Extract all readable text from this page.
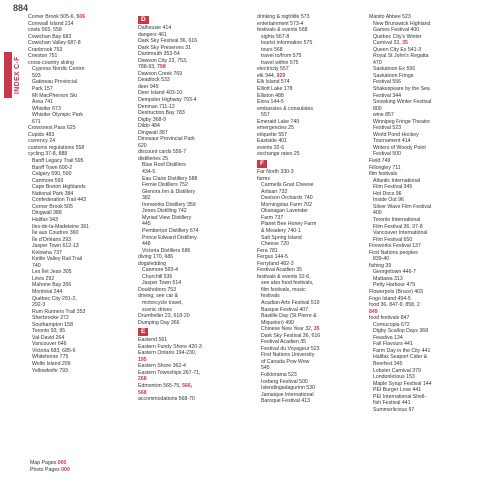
884
INDEX C-F
Corner Brook 505-6, 506
Cornwall Island 214
costs 565, 558
Cowichan Bay 683
Cowichan Valley 687-8
Cranbrook 753
Crieston 751
cross-country skiing
Cypress Nordic Centre
593
Gatineau Provincial
Park 157
Mt MacPherson Ski
Area 741
Whistler 673
Whistler Olympic Park
671
Crowsnest Pass 625
Cupids 483
currency 24
customs regulations 558
cycling 37-8, 888
Banff Legacy Trail 595
Banff Town 600-2
Calgary 590, 590
Canmore 593
Cape Breton Highlands
National Park 384
Confederation Trail 443
Corner Brook 505
Dingwall 388
Halifax 343
Iles-de-la-Madeleine 361
Île aux Coudres 360
Île d'Orléans 293
Jasper Town 612-13
Kelowna 737
Kettle Valley Rail Trail
740
Les Îlet Jean 305
Lévis 292
Mahone Bay 356
Montréal 244
Québec City 291-2,
292-3
Rum Runners Trail 353
Sherbrooke 272
Southampton 158
Toronto 93, 95
Val-David 264
Vancouver 646
Victoria 683, 685-6
Whitehorse 775
Wolfe Island 209
Yellowknife 793
D
Dalhousie 414
dangers 461
Dark Sky Festival 36, 616
Dark Sky Preserves 31
Dartmouth 353-54
Dawson City 23, 753,
788-93, 798
Dawson Creek 769
Deadlock 533
deer 945
Deer Island 403-10
Dempster Highway 793-4
Denman 711-12
Destruction Bay 783
Digby 368-9
Dildo 484
Dingwall 387
Dinosaur Provincial Park
620
discount cards 556-7
distilleries 25
Blue Roof Distillers
434-5
Eau Claire Distillery 588
Fernie Distillers 752
Glenora Inn & Distillery
382
Ironworks Distillery 359
Jones Distilling 742
Myriad View Distillery
445
Pemberton Distillery 674
Prince Edward Distillery
448
Victoria Distillers 686
diving 170, 686
dogsledding
Canmore 593-4
Churchill 536
Jasper Town 614
Doukhobors 753
driving, see car &
motorcycle travel,
scenic drives
Drumheller 23, 618-20
Dumping Day 366
E
Eastend 561
Eastern Fundy Shore 420-3
Eastern Ontario 194-230,
195
Eastern Shore 362-4
Eastern Townships 267-71,
268
Edmonton 565-75, 566,
568
accommodations 568-70
drinking & nightlife 573
entertainment 573-4
festivals & events 568
sights 567-8
tourist information 575
tours 568
travel to/from 575
travel within 575
electricity 557
elk 944, 929
Elk Island 574
Elliott Lake 178
Elliston 488
Elora 144-5
embassies & consulates
557
Emerald Lake 749
emergencies 25
etiquette 557
Eastside 401
events 32-6
exchange rates 25
F
Far North 330-3
farms
Carmelis Goat Cheese
Artisan 733
Davison Orchards 740
Morningstar Farm 702
Okanagan Lavender
Farm 737
Planet Bee Honey Farm
& Meadery 740-1
Salt Spring Island
Cheese 720
Fera 781
Fergus 144-5
Ferryland 482-3
Festival Acadien 35
festivals & events 32-6,
see also food festivals,
film festivals, music
festivals
Acadian Arts Festival 519
Basque Festival 407
Bastille Day (St Pierre &
Miquelon) 490
Chinese New Year 32, 35
Dark Sky Festival 36, 616
Festival Acadien 35
Festival du Voyageur 523
First Nations University
of Canada Pow Wow
545
Folklorama 523
Iceberg Festival 500
Islendingadagurinn 530
Jamaique International
Baroque Festival 413
Manito Ahbee 523
New Brunswick Highland
Games Festival 400
Québec City's Winter
Carnival 33, 35
Queen City Ex 541-3
Royal St John's Regatta
470
Saskatoon Ex 556
Saskatoon Fringe
Festival 556
Shakespeare by the Sea
Festival 344
Snowking Winter Festival
800
wine 857
Winnipeg Fringe Theatre
Festival 523
World Pond Hockey
Tournament 414
Writers of Woody Point
Festival 500
Field 749
Fillongley 711
film festivals
Atlantic International
Film Festival 345
Hot Docs 96
Inside Out 96
Silver Wave Film Festival
400
Toronto International
Film Festival 36, 97-8
Vancouver International
Film Festival 650
Fireworks Festival 137
First Nations peoples
839-40
fishing 39
Georgetown 446-7
Mattawa 313
Petty Harbour 479
Flowerpots (Bruce) 403
Fogo Island 494-5
food 36, 847-9, 858, 2
849
food festivals 847
Cornucopia 672
Digby Scallop Days 368
Feastiva 134
Fall Flavours 441
Farm Day in the City 441
Halifax Seaport Cider &
Beerfest 345
Lobster Carnival 379
Londonlicious 153
Maple Syrup Festival 144
PEI Burger Love 441
PEI International Shell-
fish Festival 441
Summerlicious 97
Map Pages 000
Photo Pages 000
